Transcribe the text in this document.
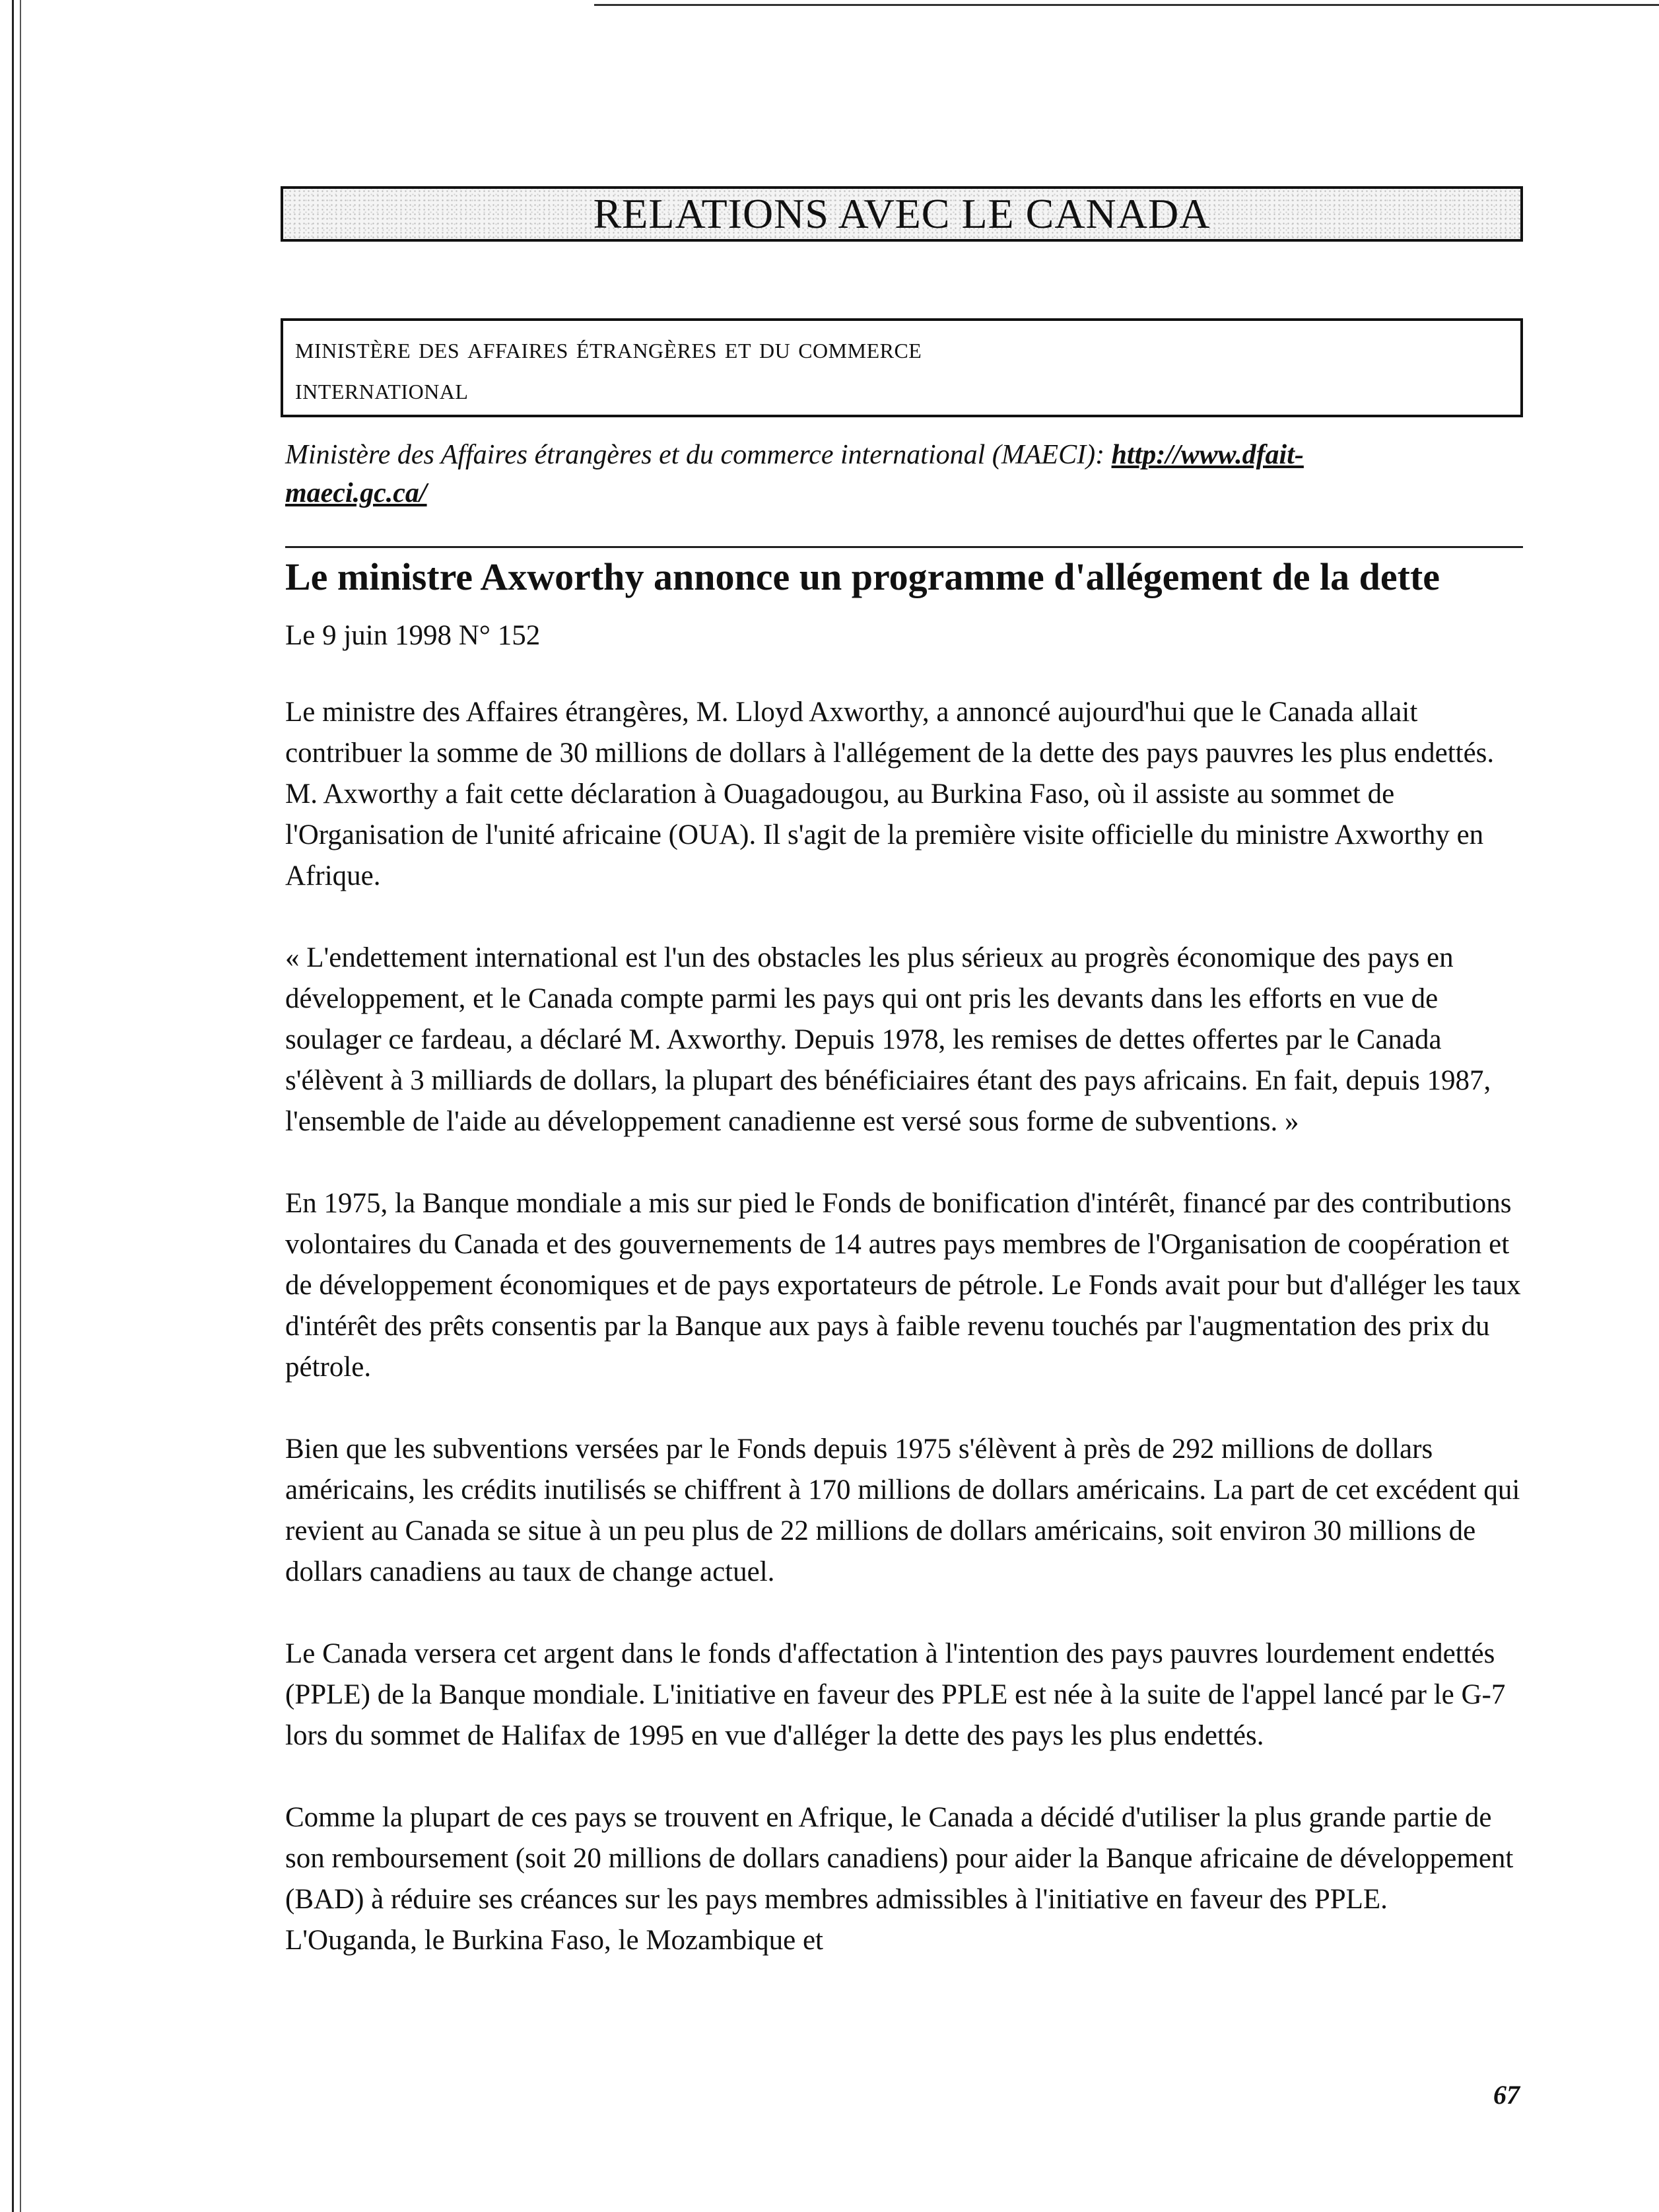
RELATIONS AVEC LE CANADA
ministère des affaires étrangères et du commerce
international
Ministère des Affaires étrangères et du commerce international (MAECI): http://www.dfait-
maeci.gc.ca/
Le ministre Axworthy annonce un programme d'allégement de la dette
Le 9 juin 1998 N° 152

Le ministre des Affaires étrangères, M. Lloyd Axworthy, a annoncé aujourd'hui que le Canada allait contribuer la somme de 30 millions de dollars à l'allégement de la dette des pays pauvres les plus endettés. M. Axworthy a fait cette déclaration à Ouagadougou, au Burkina Faso, où il assiste au sommet de l'Organisation de l'unité africaine (OUA). Il s'agit de la première visite officielle du ministre Axworthy en Afrique.

« L'endettement international est l'un des obstacles les plus sérieux au progrès économique des pays en développement, et le Canada compte parmi les pays qui ont pris les devants dans les efforts en vue de soulager ce fardeau, a déclaré M. Axworthy. Depuis 1978, les remises de dettes offertes par le Canada s'élèvent à 3 milliards de dollars, la plupart des bénéficiaires étant des pays africains. En fait, depuis 1987, l'ensemble de l'aide au développement canadienne est versé sous forme de subventions. »

En 1975, la Banque mondiale a mis sur pied le Fonds de bonification d'intérêt, financé par des contributions volontaires du Canada et des gouvernements de 14 autres pays membres de l'Organisation de coopération et de développement économiques et de pays exportateurs de pétrole. Le Fonds avait pour but d'alléger les taux d'intérêt des prêts consentis par la Banque aux pays à faible revenu touchés par l'augmentation des prix du pétrole.

Bien que les subventions versées par le Fonds depuis 1975 s'élèvent à près de 292 millions de dollars américains, les crédits inutilisés se chiffrent à 170 millions de dollars américains. La part de cet excédent qui revient au Canada se situe à un peu plus de 22 millions de dollars américains, soit environ 30 millions de dollars canadiens au taux de change actuel.

Le Canada versera cet argent dans le fonds d'affectation à l'intention des pays pauvres lourdement endettés (PPLE) de la Banque mondiale. L'initiative en faveur des PPLE est née à la suite de l'appel lancé par le G-7 lors du sommet de Halifax de 1995 en vue d'alléger la dette des pays les plus endettés.

Comme la plupart de ces pays se trouvent en Afrique, le Canada a décidé d'utiliser la plus grande partie de son remboursement (soit 20 millions de dollars canadiens) pour aider la Banque africaine de développement (BAD) à réduire ses créances sur les pays membres admissibles à l'initiative en faveur des PPLE. L'Ouganda, le Burkina Faso, le Mozambique et

67
